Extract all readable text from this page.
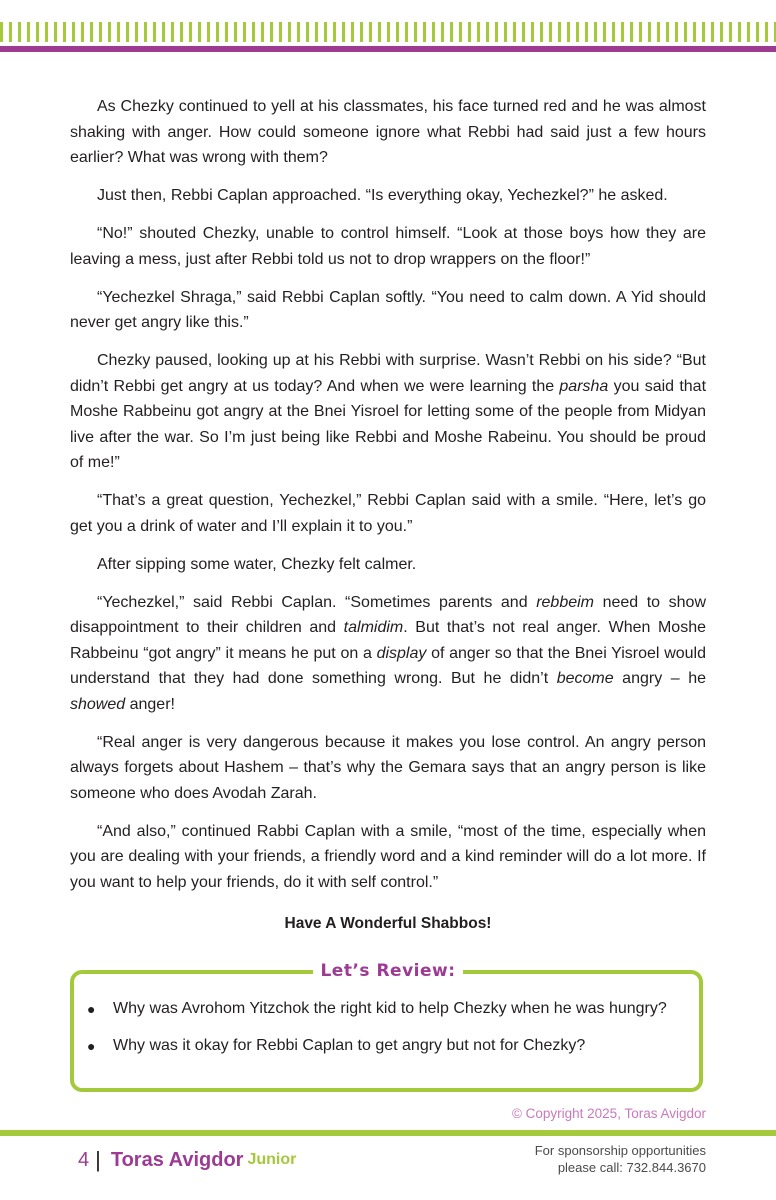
As Chezky continued to yell at his classmates, his face turned red and he was almost shaking with anger. How could someone ignore what Rebbi had said just a few hours earlier? What was wrong with them?

Just then, Rebbi Caplan approached. “Is everything okay, Yechezkel?” he asked.

“No!” shouted Chezky, unable to control himself. “Look at those boys how they are leaving a mess, just after Rebbi told us not to drop wrappers on the floor!”

“Yechezkel Shraga,” said Rebbi Caplan softly. “You need to calm down. A Yid should never get angry like this.”

Chezky paused, looking up at his Rebbi with surprise. Wasn’t Rebbi on his side? “But didn’t Rebbi get angry at us today? And when we were learning the parsha you said that Moshe Rabbeinu got angry at the Bnei Yisroel for letting some of the people from Midyan live after the war. So I’m just being like Rebbi and Moshe Rabeinu. You should be proud of me!”

“That’s a great question, Yechezkel,” Rebbi Caplan said with a smile. “Here, let’s go get you a drink of water and I’ll explain it to you.”

After sipping some water, Chezky felt calmer.

“Yechezkel,” said Rebbi Caplan. “Sometimes parents and rebbeim need to show disappointment to their children and talmidim. But that’s not real anger. When Moshe Rabbeinu “got angry” it means he put on a display of anger so that the Bnei Yisroel would understand that they had done something wrong. But he didn’t become angry – he showed anger!

“Real anger is very dangerous because it makes you lose control. An angry person always forgets about Hashem – that’s why the Gemara says that an angry person is like someone who does Avodah Zarah.

“And also,” continued Rabbi Caplan with a smile, “most of the time, especially when you are dealing with your friends, a friendly word and a kind reminder will do a lot more. If you want to help your friends, do it with self control.”

Have A Wonderful Shabbos!
Let’s Review:
● Why was Avrohom Yitzchok the right kid to help Chezky when he was hungry?
● Why was it okay for Rebbi Caplan to get angry but not for Chezky?
© Copyright 2025, Toras Avigdor
4 | Toras Avigdor Junior
For sponsorship opportunities
please call: 732.844.3670
